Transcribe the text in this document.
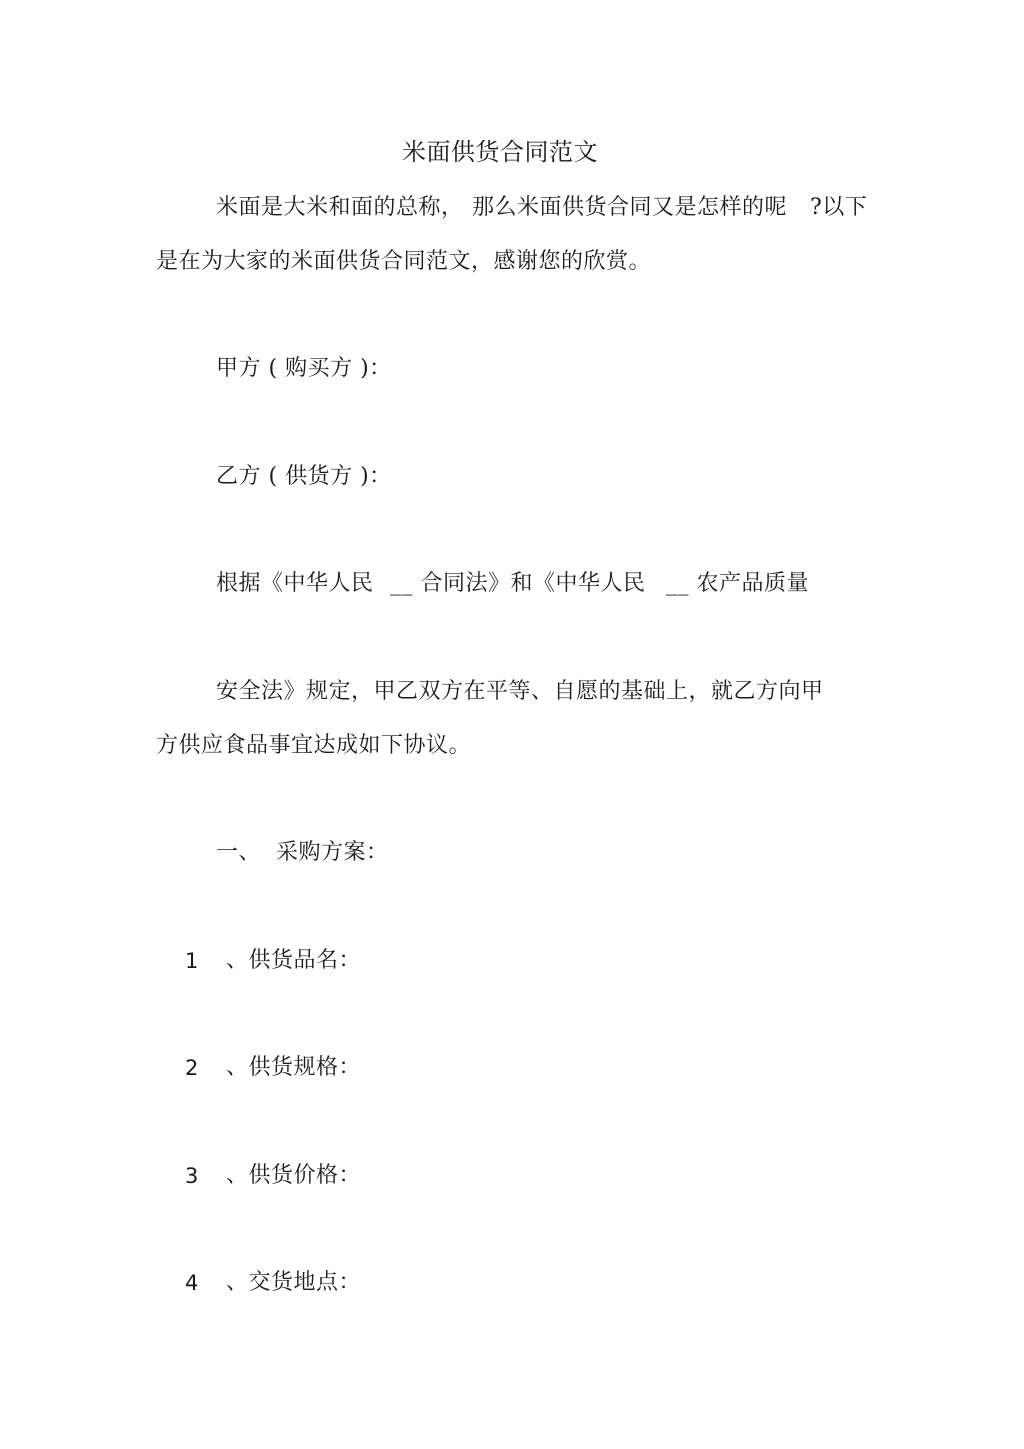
米面供货合同范文
米面是大米和面的总称， 那么米面供货合同又是怎样的呢 ?以下
是在为大家的米面供货合同范文，感谢您的欣赏。
甲方 ( 购买方 )：
乙方 ( 供货方 )：
根据《中华人民 __ 合同法》和《中华人民 __ 农产品质量
安全法》规定，甲乙双方在平等、自愿的基础上，就乙方向甲
方供应食品事宜达成如下协议。
一、 采购方案：
1 、供货品名：
2 、供货规格：
3 、供货价格：
4 、交货地点：
